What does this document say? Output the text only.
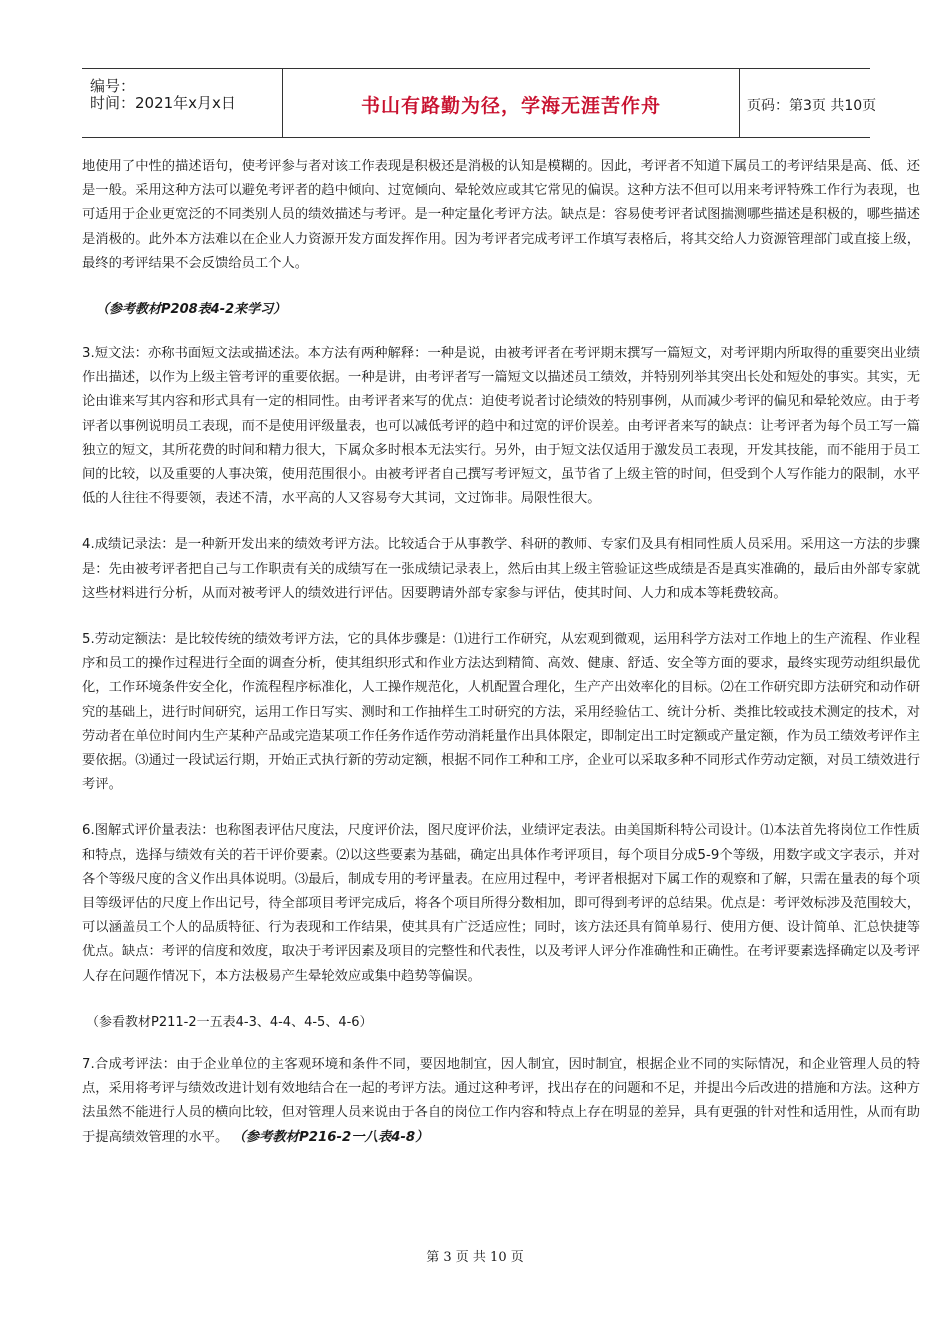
编号：
时间：2021年x月x日	书山有路勤为径，学海无涯苦作舟	页码：第3页 共10页

地使用了中性的描述语句，使考评参与者对该工作表现是积极还是消极的认知是模糊的。因此，考评者不知道下属员工的考评结果是高、低、还是一般。采用这种方法可以避免考评者的趋中倾向、过宽倾向、晕轮效应或其它常见的偏误。这种方法不但可以用来考评特殊工作行为表现，也可适用于企业更宽泛的不同类别人员的绩效描述与考评。是一种定量化考评方法。缺点是：容易使考评者试图揣测哪些描述是积极的，哪些描述是消极的。此外本方法难以在企业人力资源开发方面发挥作用。因为考评者完成考评工作填写表格后，将其交给人力资源管理部门或直接上级，最终的考评结果不会反馈给员工个人。

（参考教材P208表4-2来学习）

3.短文法：亦称书面短文法或描述法。本方法有两种解释：一种是说，由被考评者在考评期末撰写一篇短文，对考评期内所取得的重要突出业绩作出描述，以作为上级主管考评的重要依据。一种是讲，由考评者写一篇短文以描述员工绩效，并特别列举其突出长处和短处的事实。其实，无论由谁来写其内容和形式具有一定的相同性。由考评者来写的优点：迫使考说者讨论绩效的特别事例，从而减少考评的偏见和晕轮效应。由于考评者以事例说明员工表现，而不是使用评级量表，也可以减低考评的趋中和过宽的评价误差。由考评者来写的缺点：让考评者为每个员工写一篇独立的短文，其所花费的时间和精力很大，下属众多时根本无法实行。另外，由于短文法仅适用于激发员工表现，开发其技能，而不能用于员工间的比较，以及重要的人事决策，使用范围很小。由被考评者自己撰写考评短文，虽节省了上级主管的时间，但受到个人写作能力的限制，水平低的人往往不得要领，表述不清，水平高的人又容易夸大其词，文过饰非。局限性很大。

4.成绩记录法：是一种新开发出来的绩效考评方法。比较适合于从事教学、科研的教师、专家们及具有相同性质人员采用。采用这一方法的步骤是：先由被考评者把自己与工作职责有关的成绩写在一张成绩记录表上，然后由其上级主管验证这些成绩是否是真实准确的，最后由外部专家就这些材料进行分析，从而对被考评人的绩效进行评估。因要聘请外部专家参与评估，使其时间、人力和成本等耗费较高。

5.劳动定额法：是比较传统的绩效考评方法，它的具体步骤是：⑴进行工作研究，从宏观到微观，运用科学方法对工作地上的生产流程、作业程序和员工的操作过程进行全面的调查分析，使其组织形式和作业方法达到精简、高效、健康、舒适、安全等方面的要求，最终实现劳动组织最优化，工作环境条件安全化，作流程程序标准化，人工操作规范化，人机配置合理化，生产产出效率化的目标。⑵在工作研究即方法研究和动作研究的基础上，进行时间研究，运用工作日写实、测时和工作抽样生工时研究的方法，采用经验估工、统计分析、类推比较或技术测定的技术，对劳动者在单位时间内生产某种产品或完造某项工作任务作适作劳动消耗量作出具体限定，即制定出工时定额或产量定额，作为员工绩效考评作主要依据。⑶通过一段试运行期，开始正式执行新的劳动定额，根据不同作工种和工序，企业可以采取多种不同形式作劳动定额，对员工绩效进行考评。

6.图解式评价量表法：也称图表评估尺度法，尺度评价法，图尺度评价法，业绩评定表法。由美国斯科特公司设计。⑴本法首先将岗位工作性质和特点，选择与绩效有关的若干评价要素。⑵以这些要素为基础，确定出具体作考评项目，每个项目分成5-9个等级，用数字或文字表示，并对各个等级尺度的含义作出具体说明。⑶最后，制成专用的考评量表。在应用过程中，考评者根据对下属工作的观察和了解，只需在量表的每个项目等级评估的尺度上作出记号，待全部项目考评完成后，将各个项目所得分数相加，即可得到考评的总结果。优点是：考评效标涉及范围较大，可以涵盖员工个人的品质特征、行为表现和工作结果，使其具有广泛适应性；同时，该方法还具有简单易行、使用方便、设计简单、汇总快捷等优点。缺点：考评的信度和效度，取决于考评因素及项目的完整性和代表性，以及考评人评分作准确性和正确性。在考评要素选择确定以及考评人存在问题作情况下，本方法极易产生晕轮效应或集中趋势等偏误。

（参看教材P211-2一五表4-3、4-4、4-5、4-6）

7.合成考评法：由于企业单位的主客观环境和条件不同，要因地制宜，因人制宜，因时制宜，根据企业不同的实际情况，和企业管理人员的特点，采用将考评与绩效改进计划有效地结合在一起的考评方法。通过这种考评，找出存在的问题和不足，并提出今后改进的措施和方法。这种方法虽然不能进行人员的横向比较，但对管理人员来说由于各自的岗位工作内容和特点上存在明显的差异，具有更强的针对性和适用性，从而有助于提高绩效管理的水平。 （参考教材P216-2一八表4-8）

第 3 页 共 10 页
